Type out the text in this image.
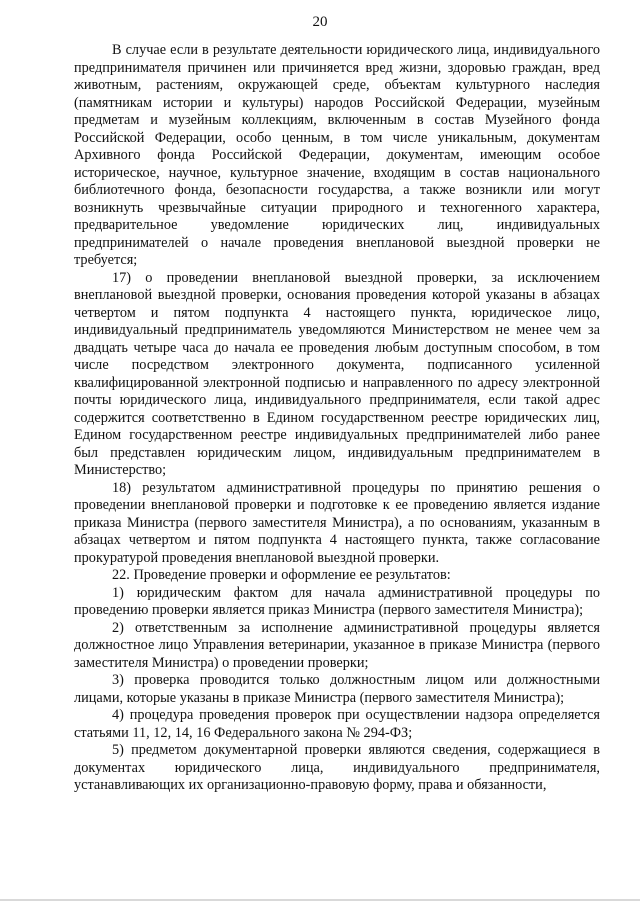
20

В случае если в результате деятельности юридического лица, индивидуального предпринимателя причинен или причиняется вред жизни, здоровью граждан, вред животным, растениям, окружающей среде, объектам культурного наследия (памятникам истории и культуры) народов Российской Федерации, музейным предметам и музейным коллекциям, включенным в состав Музейного фонда Российской Федерации, особо ценным, в том числе уникальным, документам Архивного фонда Российской Федерации, документам, имеющим особое историческое, научное, культурное значение, входящим в состав национального библиотечного фонда, безопасности государства, а также возникли или могут возникнуть чрезвычайные ситуации природного и техногенного характера, предварительное уведомление юридических лиц, индивидуальных предпринимателей о начале проведения внеплановой выездной проверки не требуется;

17) о проведении внеплановой выездной проверки, за исключением внеплановой выездной проверки, основания проведения которой указаны в абзацах четвертом и пятом подпункта 4 настоящего пункта, юридическое лицо, индивидуальный предприниматель уведомляются Министерством не менее чем за двадцать четыре часа до начала ее проведения любым доступным способом, в том числе посредством электронного документа, подписанного усиленной квалифицированной электронной подписью и направленного по адресу электронной почты юридического лица, индивидуального предпринимателя, если такой адрес содержится соответственно в Едином государственном реестре юридических лиц, Едином государственном реестре индивидуальных предпринимателей либо ранее был представлен юридическим лицом, индивидуальным предпринимателем в Министерство;

18) результатом административной процедуры по принятию решения о проведении внеплановой проверки и подготовке к ее проведению является издание приказа Министра (первого заместителя Министра), а по основаниям, указанным в абзацах четвертом и пятом подпункта 4 настоящего пункта, также согласование прокуратурой проведения внеплановой выездной проверки.

22. Проведение проверки и оформление ее результатов:

1) юридическим фактом для начала административной процедуры по проведению проверки является приказ Министра (первого заместителя Министра);

2) ответственным за исполнение административной процедуры является должностное лицо Управления ветеринарии, указанное в приказе Министра (первого заместителя Министра) о проведении проверки;

3) проверка проводится только должностным лицом или должностными лицами, которые указаны в приказе Министра (первого заместителя Министра);

4) процедура проведения проверок при осуществлении надзора определяется статьями 11, 12, 14, 16 Федерального закона № 294-ФЗ;

5) предметом документарной проверки являются сведения, содержащиеся в документах юридического лица, индивидуального предпринимателя, устанавливающих их организационно-правовую форму, права и обязанности,
